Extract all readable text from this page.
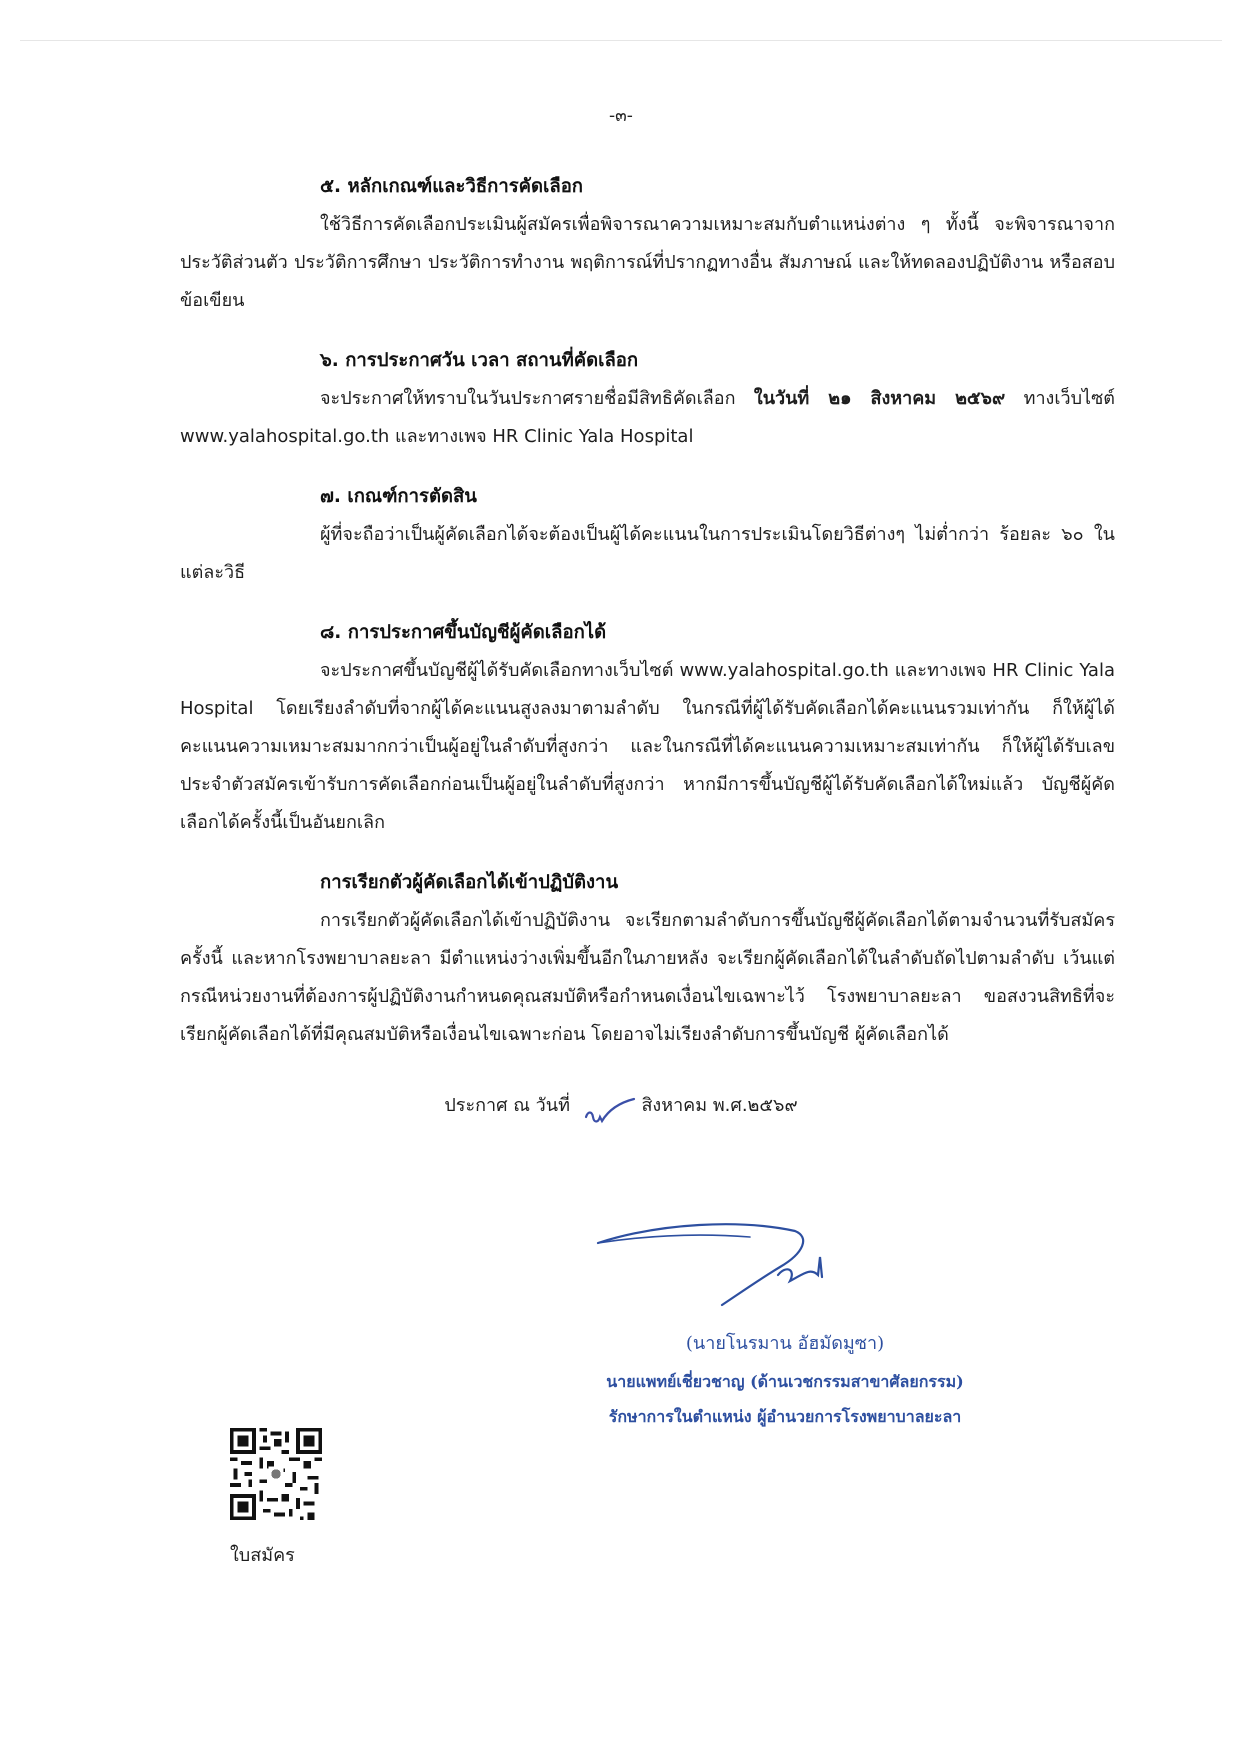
-๓-
๕. หลักเกณฑ์และวิธีการคัดเลือก
ใช้วิธีการคัดเลือกประเมินผู้สมัครเพื่อพิจารณาความเหมาะสมกับตำแหน่งต่าง ๆ ทั้งนี้ จะพิจารณาจากประวัติส่วนตัว ประวัติการศึกษา ประวัติการทำงาน พฤติการณ์ที่ปรากฏทางอื่น สัมภาษณ์ และให้ทดลองปฏิบัติงาน หรือสอบข้อเขียน
๖. การประกาศวัน เวลา สถานที่คัดเลือก
จะประกาศให้ทราบในวันประกาศรายชื่อมีสิทธิคัดเลือก ในวันที่ ๒๑ สิงหาคม ๒๕๖๙ ทางเว็บไซต์ www.yalahospital.go.th และทางเพจ HR Clinic Yala Hospital
๗. เกณฑ์การตัดสิน
ผู้ที่จะถือว่าเป็นผู้คัดเลือกได้จะต้องเป็นผู้ได้คะแนนในการประเมินโดยวิธีต่างๆ ไม่ต่ำกว่า ร้อยละ ๖๐ ในแต่ละวิธี
๘. การประกาศขึ้นบัญชีผู้คัดเลือกได้
จะประกาศขึ้นบัญชีผู้ได้รับคัดเลือกทางเว็บไซต์ www.yalahospital.go.th และทางเพจ HR Clinic Yala Hospital โดยเรียงลำดับที่จากผู้ได้คะแนนสูงลงมาตามลำดับ ในกรณีที่ผู้ได้รับคัดเลือกได้คะแนนรวมเท่ากัน ก็ให้ผู้ได้คะแนนความเหมาะสมมากกว่าเป็นผู้อยู่ในลำดับที่สูงกว่า และในกรณีที่ได้คะแนนความเหมาะสมเท่ากัน ก็ให้ผู้ได้รับเลขประจำตัวสมัครเข้ารับการคัดเลือกก่อนเป็นผู้อยู่ในลำดับที่สูงกว่า หากมีการขึ้นบัญชีผู้ได้รับคัดเลือกได้ใหม่แล้ว บัญชีผู้คัดเลือกได้ครั้งนี้เป็นอันยกเลิก
การเรียกตัวผู้คัดเลือกได้เข้าปฏิบัติงาน
การเรียกตัวผู้คัดเลือกได้เข้าปฏิบัติงาน จะเรียกตามลำดับการขึ้นบัญชีผู้คัดเลือกได้ตามจำนวนที่รับสมัครครั้งนี้ และหากโรงพยาบาลยะลา มีตำแหน่งว่างเพิ่มขึ้นอีกในภายหลัง จะเรียกผู้คัดเลือกได้ในลำดับถัดไปตามลำดับ เว้นแต่กรณีหน่วยงานที่ต้องการผู้ปฏิบัติงานกำหนดคุณสมบัติหรือกำหนดเงื่อนไขเฉพาะไว้ โรงพยาบาลยะลา ขอสงวนสิทธิที่จะเรียกผู้คัดเลือกได้ที่มีคุณสมบัติหรือเงื่อนไขเฉพาะก่อน โดยอาจไม่เรียงลำดับการขึ้นบัญชี ผู้คัดเลือกได้
ประกาศ ณ วันที่	สิงหาคม พ.ศ.๒๕๖๙
(นายโนรมาน อัฮมัดมูซา)
นายแพทย์เชี่ยวชาญ (ด้านเวชกรรมสาขาศัลยกรรม)
รักษาการในตำแหน่ง ผู้อำนวยการโรงพยาบาลยะลา
ใบสมัคร
